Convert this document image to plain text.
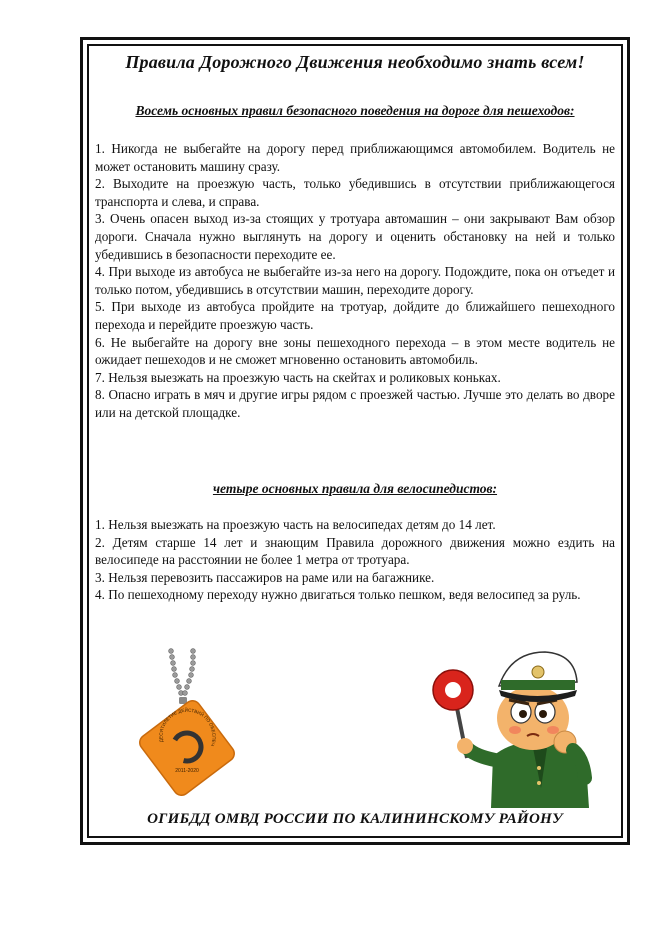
Правила Дорожного Движения необходимо знать всем!
Восемь основных правил безопасного поведения на дороге для пешеходов:

1. Никогда не выбегайте на дорогу перед приближающимся автомобилем. Водитель не может остановить машину сразу.

2. Выходите на проезжую часть, только убедившись в отсутствии приближающегося транспорта и слева, и справа.

3. Очень опасен выход из-за стоящих у тротуара автомашин – они закрывают Вам обзор дороги. Сначала нужно выглянуть на дорогу и оценить обстановку на ней и только убедившись в безопасности переходите ее.

4. При выходе из автобуса не выбегайте из-за него на дорогу. Подождите, пока он отъедет и только потом, убедившись в отсутствии машин, переходите дорогу.

5. При выходе из автобуса пройдите на тротуар, дойдите до ближайшего пешеходного перехода и перейдите проезжую часть.

6. Не выбегайте на дорогу вне зоны пешеходного перехода – в этом месте водитель не ожидает пешеходов и не сможет мгновенно остановить автомобиль.

7. Нельзя выезжать на проезжую часть на скейтах и роликовых коньках.

8. Опасно играть в мяч и другие игры рядом с проезжей частью. Лучше это делать во дворе или на детской площадке.

четыре основных правила для велосипедистов:

1. Нельзя выезжать на проезжую часть на велосипедах детям до 14 лет.

2. Детям старше 14 лет и знающим Правила дорожного движения можно ездить на велосипеде на расстоянии не более 1 метра от тротуара.

3. Нельзя перевозить пассажиров на раме или на багажнике.

4. По пешеходному переходу нужно двигаться только пешком, ведя велосипед за руль.

ДЕСЯТИЛЕТИЕ ДЕЙСТВИЙ ПО ОБЕСПЕЧ
2011-2020
ОГИБДД ОМВД РОССИИ ПО КАЛИНИНСКОМУ РАЙОНУ
